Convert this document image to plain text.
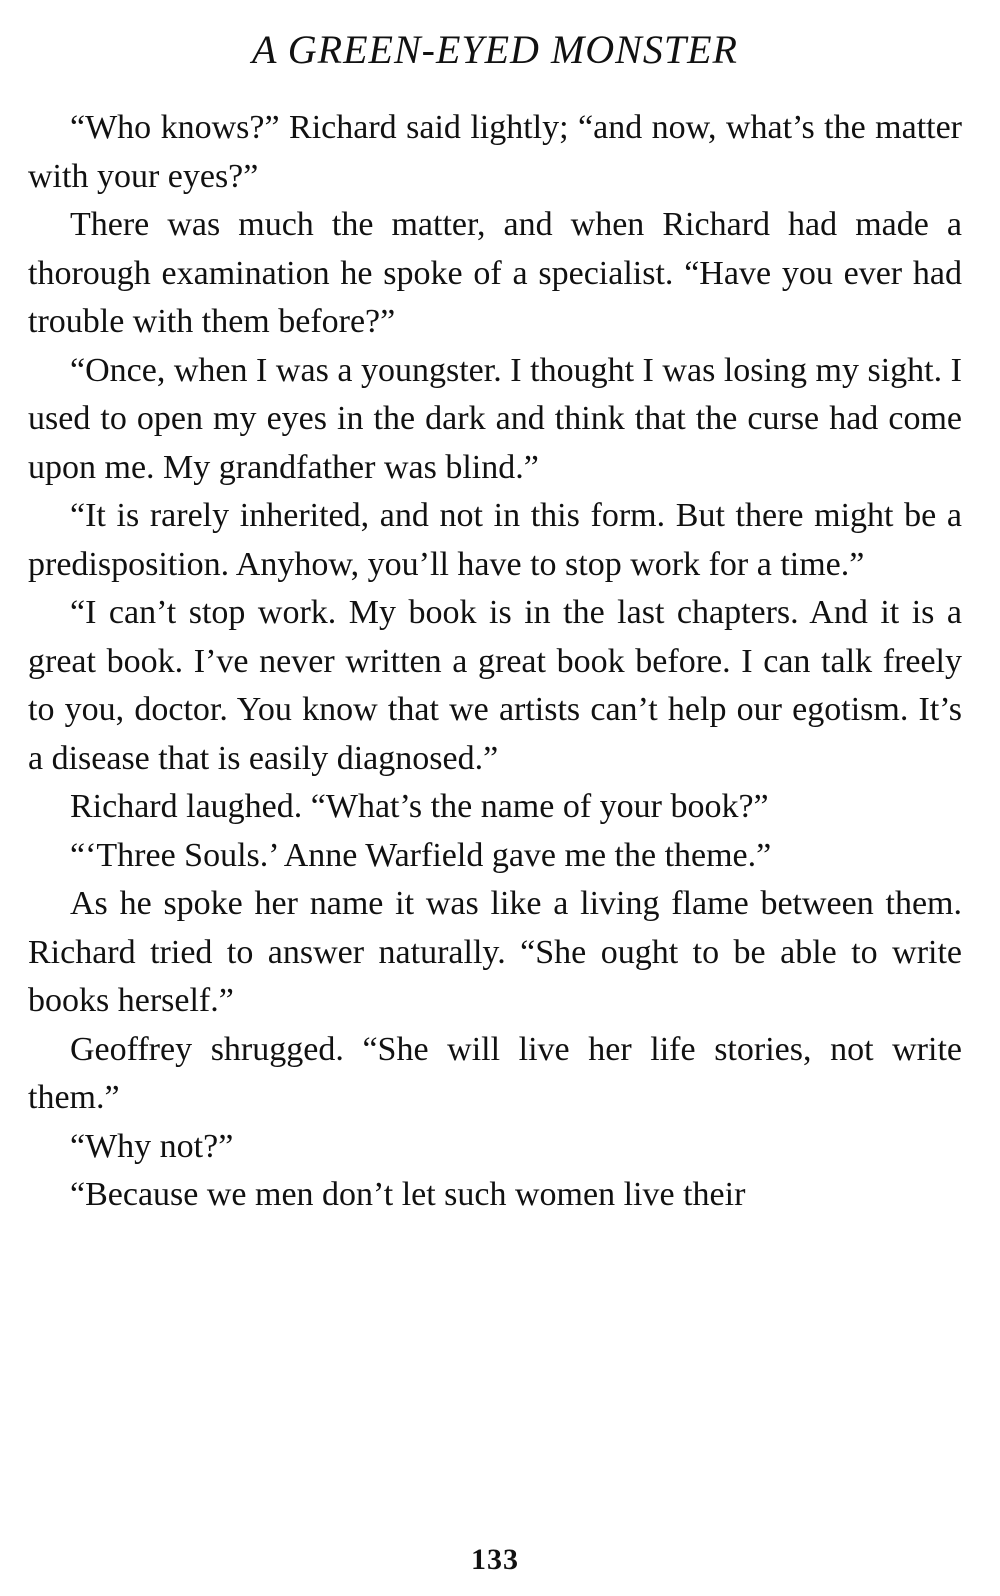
A GREEN-EYED MONSTER

“Who knows?” Richard said lightly; “and now, what’s the matter with your eyes?”

There was much the matter, and when Richard had made a thorough examination he spoke of a specialist. “Have you ever had trouble with them before?”

“Once, when I was a youngster. I thought I was losing my sight. I used to open my eyes in the dark and think that the curse had come upon me. My grandfather was blind.”

“It is rarely inherited, and not in this form. But there might be a predisposition. Anyhow, you’ll have to stop work for a time.”

“I can’t stop work. My book is in the last chapters. And it is a great book. I’ve never written a great book before. I can talk freely to you, doctor. You know that we artists can’t help our egotism. It’s a disease that is easily diagnosed.”

Richard laughed. “What’s the name of your book?”

“‘Three Souls.’ Anne Warfield gave me the theme.”

As he spoke her name it was like a living flame between them. Richard tried to answer naturally. “She ought to be able to write books herself.”

Geoffrey shrugged. “She will live her life stories, not write them.”

“Why not?”

“Because we men don’t let such women live their

133
